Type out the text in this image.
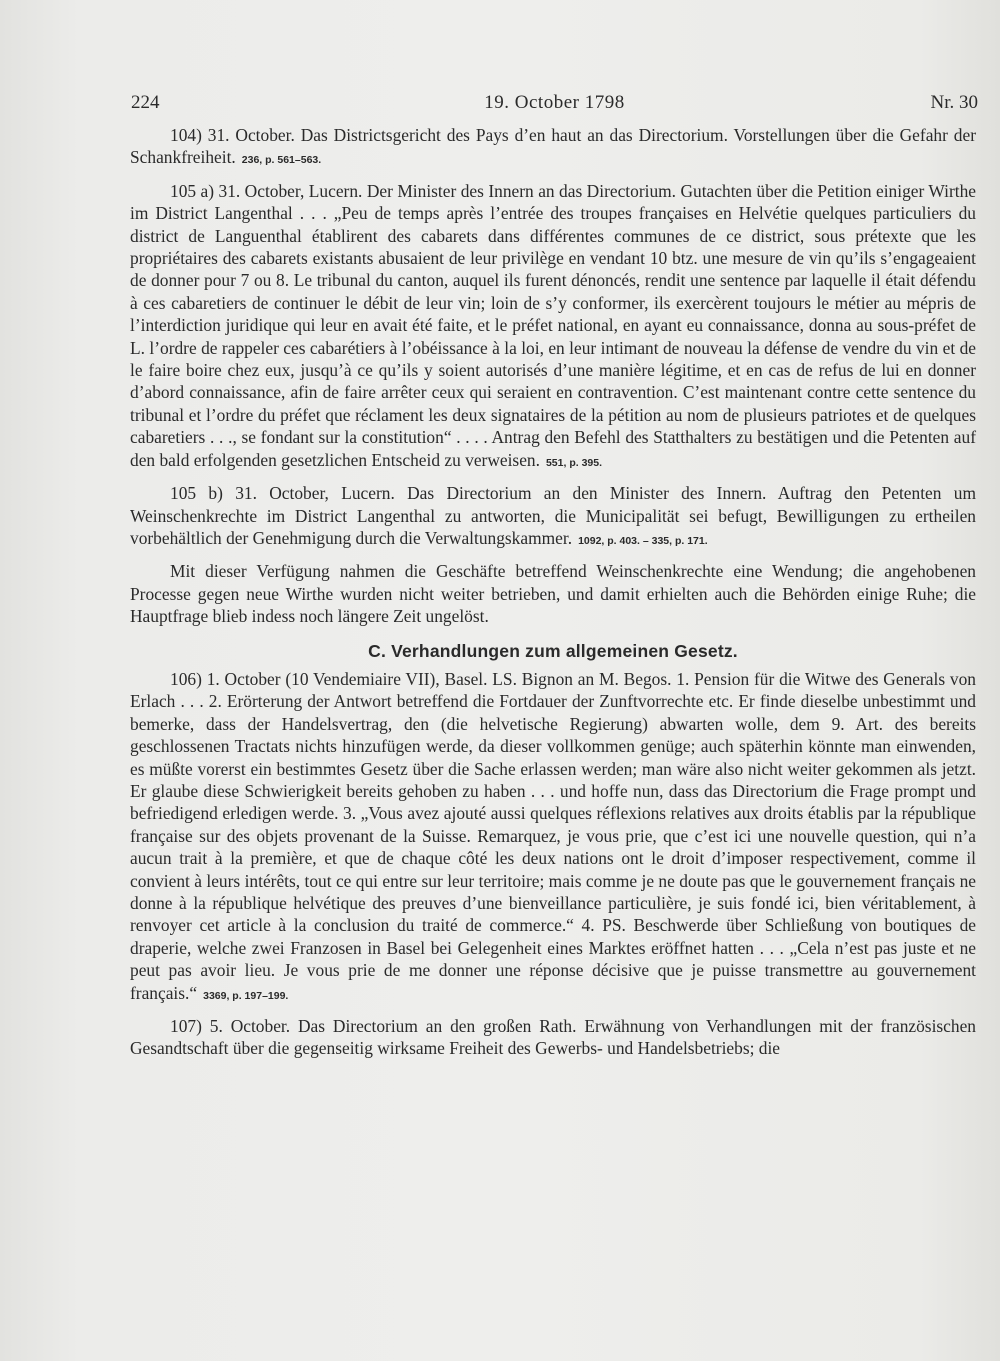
224	19. October 1798	Nr. 30

104) 31. October. Das Districtsgericht des Pays d’en haut an das Directorium. Vorstellungen über die Gefahr der Schankfreiheit. 236, p. 561–563.

105 a) 31. October, Lucern. Der Minister des Innern an das Directorium. Gutachten über die Petition einiger Wirthe im District Langenthal . . . „Peu de temps après l’entrée des troupes françaises en Helvétie quelques particuliers du district de Languenthal établirent des cabarets dans différentes communes de ce district, sous prétexte que les propriétaires des cabarets existants abusaient de leur privilège en vendant 10 btz. une mesure de vin qu’ils s’engageaient de donner pour 7 ou 8. Le tribunal du canton, auquel ils furent dénoncés, rendit une sentence par laquelle il était défendu à ces cabaretiers de continuer le débit de leur vin; loin de s’y conformer, ils exercèrent toujours le métier au mépris de l’interdiction juridique qui leur en avait été faite, et le préfet national, en ayant eu connaissance, donna au sous-préfet de L. l’ordre de rappeler ces cabarétiers à l’obéissance à la loi, en leur intimant de nouveau la défense de vendre du vin et de le faire boire chez eux, jusqu’à ce qu’ils y soient autorisés d’une manière légitime, et en cas de refus de lui en donner d’abord connaissance, afin de faire arrêter ceux qui seraient en contravention. C’est maintenant contre cette sentence du tribunal et l’ordre du préfet que réclament les deux signataires de la pétition au nom de plusieurs patriotes et de quelques cabaretiers . . ., se fondant sur la constitution“ . . . . Antrag den Befehl des Statthalters zu bestätigen und die Petenten auf den bald erfolgenden gesetzlichen Entscheid zu verweisen. 551, p. 395.

105 b) 31. October, Lucern. Das Directorium an den Minister des Innern. Auftrag den Petenten um Weinschenkrechte im District Langenthal zu antworten, die Municipalität sei befugt, Bewilligungen zu ertheilen vorbehältlich der Genehmigung durch die Verwaltungskammer. 1092, p. 403. – 335, p. 171.

Mit dieser Verfügung nahmen die Geschäfte betreffend Weinschenkrechte eine Wendung; die angehobenen Processe gegen neue Wirthe wurden nicht weiter betrieben, und damit erhielten auch die Behörden einige Ruhe; die Hauptfrage blieb indess noch längere Zeit ungelöst.

C. Verhandlungen zum allgemeinen Gesetz.

106) 1. October (10 Vendemiaire VII), Basel. LS. Bignon an M. Begos. 1. Pension für die Witwe des Generals von Erlach . . . 2. Erörterung der Antwort betreffend die Fortdauer der Zunftvorrechte etc. Er finde dieselbe unbestimmt und bemerke, dass der Handelsvertrag, den (die helvetische Regierung) abwarten wolle, dem 9. Art. des bereits geschlossenen Tractats nichts hinzufügen werde, da dieser vollkommen genüge; auch späterhin könnte man einwenden, es müßte vorerst ein bestimmtes Gesetz über die Sache erlassen werden; man wäre also nicht weiter gekommen als jetzt. Er glaube diese Schwierigkeit bereits gehoben zu haben . . . und hoffe nun, dass das Directorium die Frage prompt und befriedigend erledigen werde. 3. „Vous avez ajouté aussi quelques réflexions relatives aux droits établis par la république française sur des objets provenant de la Suisse. Remarquez, je vous prie, que c’est ici une nouvelle question, qui n’a aucun trait à la première, et que de chaque côté les deux nations ont le droit d’imposer respectivement, comme il convient à leurs intérêts, tout ce qui entre sur leur territoire; mais comme je ne doute pas que le gouvernement français ne donne à la république helvétique des preuves d’une bienveillance particulière, je suis fondé ici, bien véritablement, à renvoyer cet article à la conclusion du traité de commerce.“ 4. PS. Beschwerde über Schließung von boutiques de draperie, welche zwei Franzosen in Basel bei Gelegenheit eines Marktes eröffnet hatten . . . „Cela n’est pas juste et ne peut pas avoir lieu. Je vous prie de me donner une réponse décisive que je puisse transmettre au gouvernement français.“ 3369, p. 197–199.

107) 5. October. Das Directorium an den großen Rath. Erwähnung von Verhandlungen mit der französischen Gesandtschaft über die gegenseitig wirksame Freiheit des Gewerbs- und Handelsbetriebs; die
